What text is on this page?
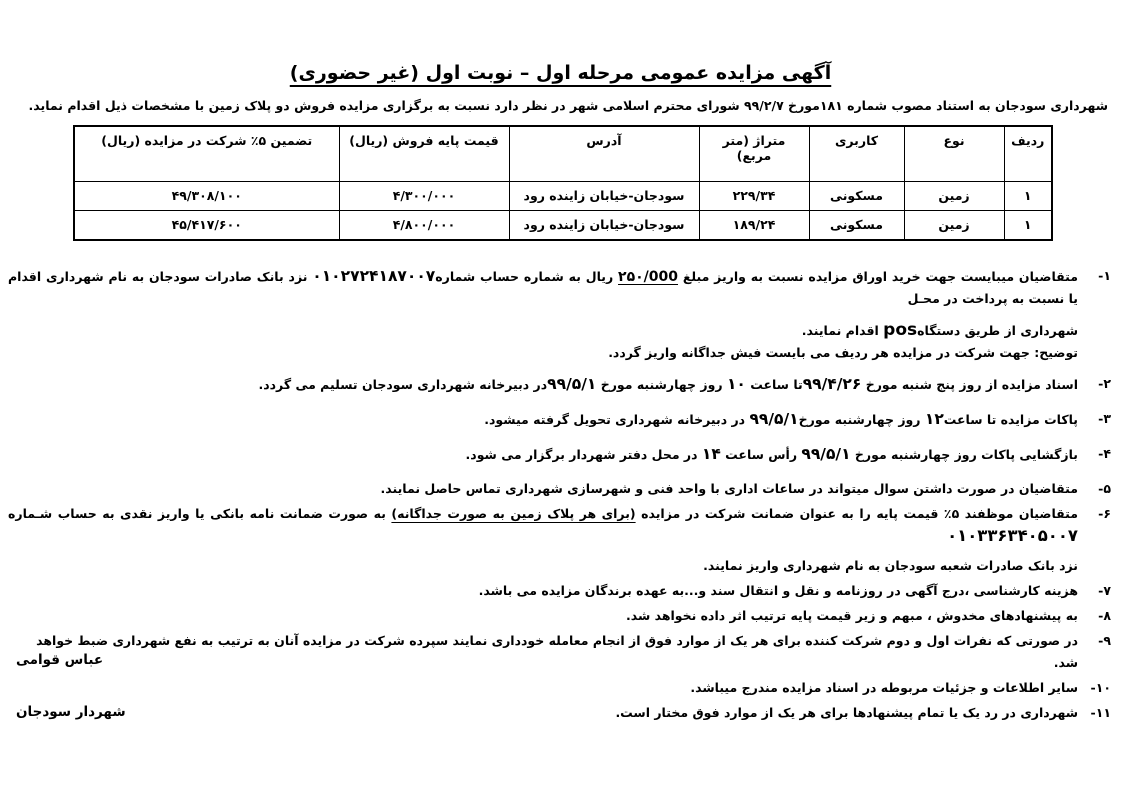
آگهی مزایده عمومی مرحله اول – نوبت اول (غیر حضوری)

شهرداری سودجان به استناد مصوب شماره ۱۸۱مورخ ۹۹/۲/۷ شورای محترم اسلامی شهر در نظر دارد نسبت به برگزاری مزایده فروش دو پلاک زمین با مشخصات ذیل اقدام نماید.

ردیف	نوع	کاربری	متراژ (متر مربع)	آدرس	قیمت پایه فروش (ریال)	تضمین ۵٪ شرکت در مزایده (ریال)
۱	زمین	مسکونی	۲۲۹/۳۴	سودجان-خیابان زاینده رود	۴/۳۰۰/۰۰۰	۴۹/۳۰۸/۱۰۰
۱	زمین	مسکونی	۱۸۹/۲۴	سودجان-خیابان زاینده رود	۴/۸۰۰/۰۰۰	۴۵/۴۱۷/۶۰۰
۱-
متقاضیان میبایست جهت خرید اوراق مزایده نسبت به واریز مبلغ ۲۵۰/000 ریال به شماره حساب شماره۰۱۰۲۷۲۴۱۸۷۰۰۷ نزد بانک صادرات سودجان به نام شهرداری اقدام یا نسبت به پرداخت در محـل
شهرداری از طریق دستگاهpos اقدام نمایند.
توضیح: جهت شرکت در مزایده هر ردیف می بایست فیش جداگانه واریز گردد.
۲-
اسناد مزایده از روز پنج شنبه مورخ ۹۹/۴/۲۶تا ساعت ۱۰ روز چهارشنبه مورخ ۹۹/۵/۱در دبیرخانه شهرداری سودجان تسلیم می گردد.
۳-
پاکات مزایده تا ساعت۱۲ روز چهارشنبه مورخ۹۹/۵/۱ در دبیرخانه شهرداری تحویل گرفته میشود.
۴-
بازگشایی پاکات روز چهارشنبه مورخ ۹۹/۵/۱ رأس ساعت ۱۴ در محل دفتر شهردار برگزار می شود.
۵-
متقاضیان در صورت داشتن سوال میتواند در ساعات اداری با واحد فنی و شهرسازی شهرداری تماس حاصل نمایند.
۶-
متقاضیان موظفند ۵٪ قیمت پایه را به عنوان ضمانت شرکت در مزایده (برای هر پلاک زمین به صورت جداگانه) به صورت ضمانت نامه بانکی یا واریز نقدی به حساب شـماره ۰۱۰۳۳۶۳۴۰۵۰۰۷
نزد بانک صادرات شعبه سودجان به نام شهرداری واریز نمایند.
۷-
هزینه کارشناسی ،درج آگهی در روزنامه و نقل و انتقال سند و...به عهده برندگان مزایده می باشد.
۸-
به پیشنهادهای مخدوش ، مبهم و زیر قیمت پایه ترتیب اثر داده نخواهد شد.
۹-
در صورتی که نفرات اول و دوم شرکت کننده برای هر یک از موارد فوق از انجام معامله خودداری نمایند سپرده شرکت در مزایده آنان به ترتیب به نفع شهرداری ضبط خواهد شد.
۱۰-
سایر اطلاعات و جزئیات مربوطه در اسناد مزایده مندرج میباشد.
۱۱-
شهرداری در رد یک یا تمام پیشنهادها برای هر یک از موارد فوق مختار است.
عباس قوامی
شهردار سودجان
